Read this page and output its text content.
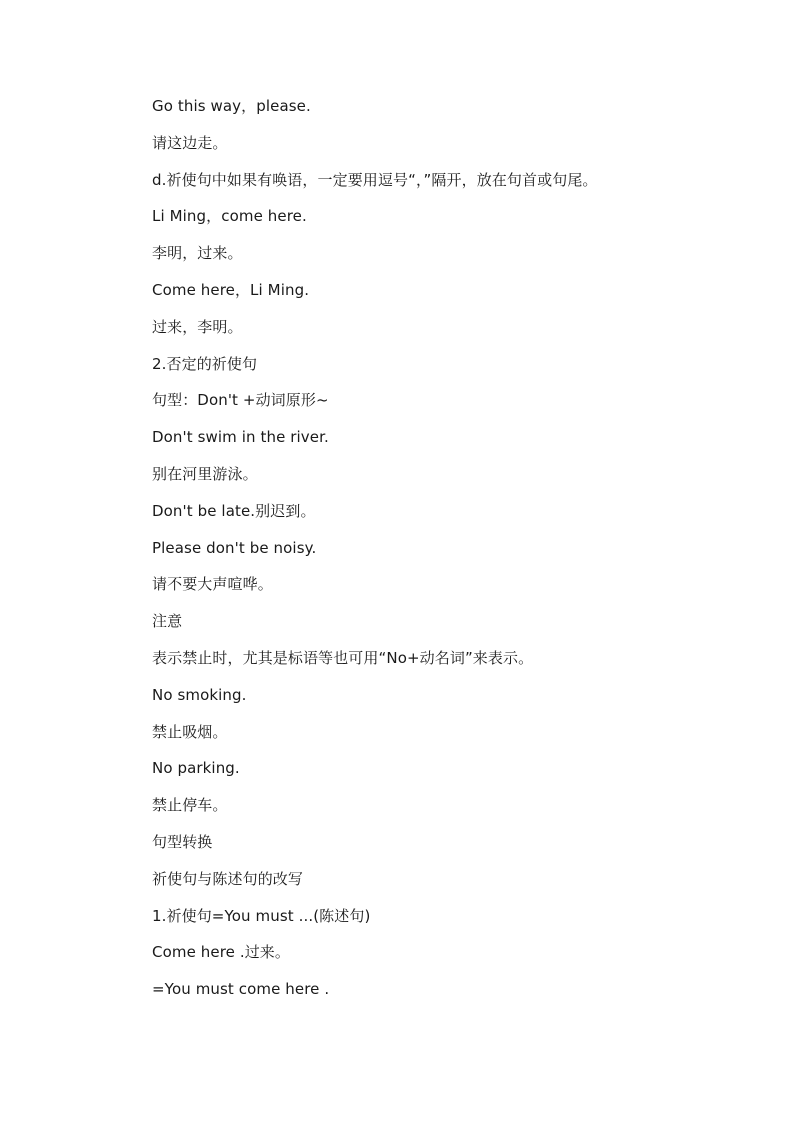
Go this way，please.
请这边走。
d.祈使句中如果有唤语，一定要用逗号“，”隔开，放在句首或句尾。
Li Ming，come here.
李明，过来。
Come here，Li Ming.
过来，李明。
2.否定的祈使句
句型：Don't +动词原形~
Don't swim in the river.
别在河里游泳。
Don't be late.别迟到。
Please don't be noisy.
请不要大声喧哗。
注意
表示禁止时，尤其是标语等也可用“No+动名词”来表示。
No smoking.
禁止吸烟。
No parking.
禁止停车。
句型转换
祈使句与陈述句的改写
1.祈使句=You must ...(陈述句)
Come here .过来。
=You must come here .
